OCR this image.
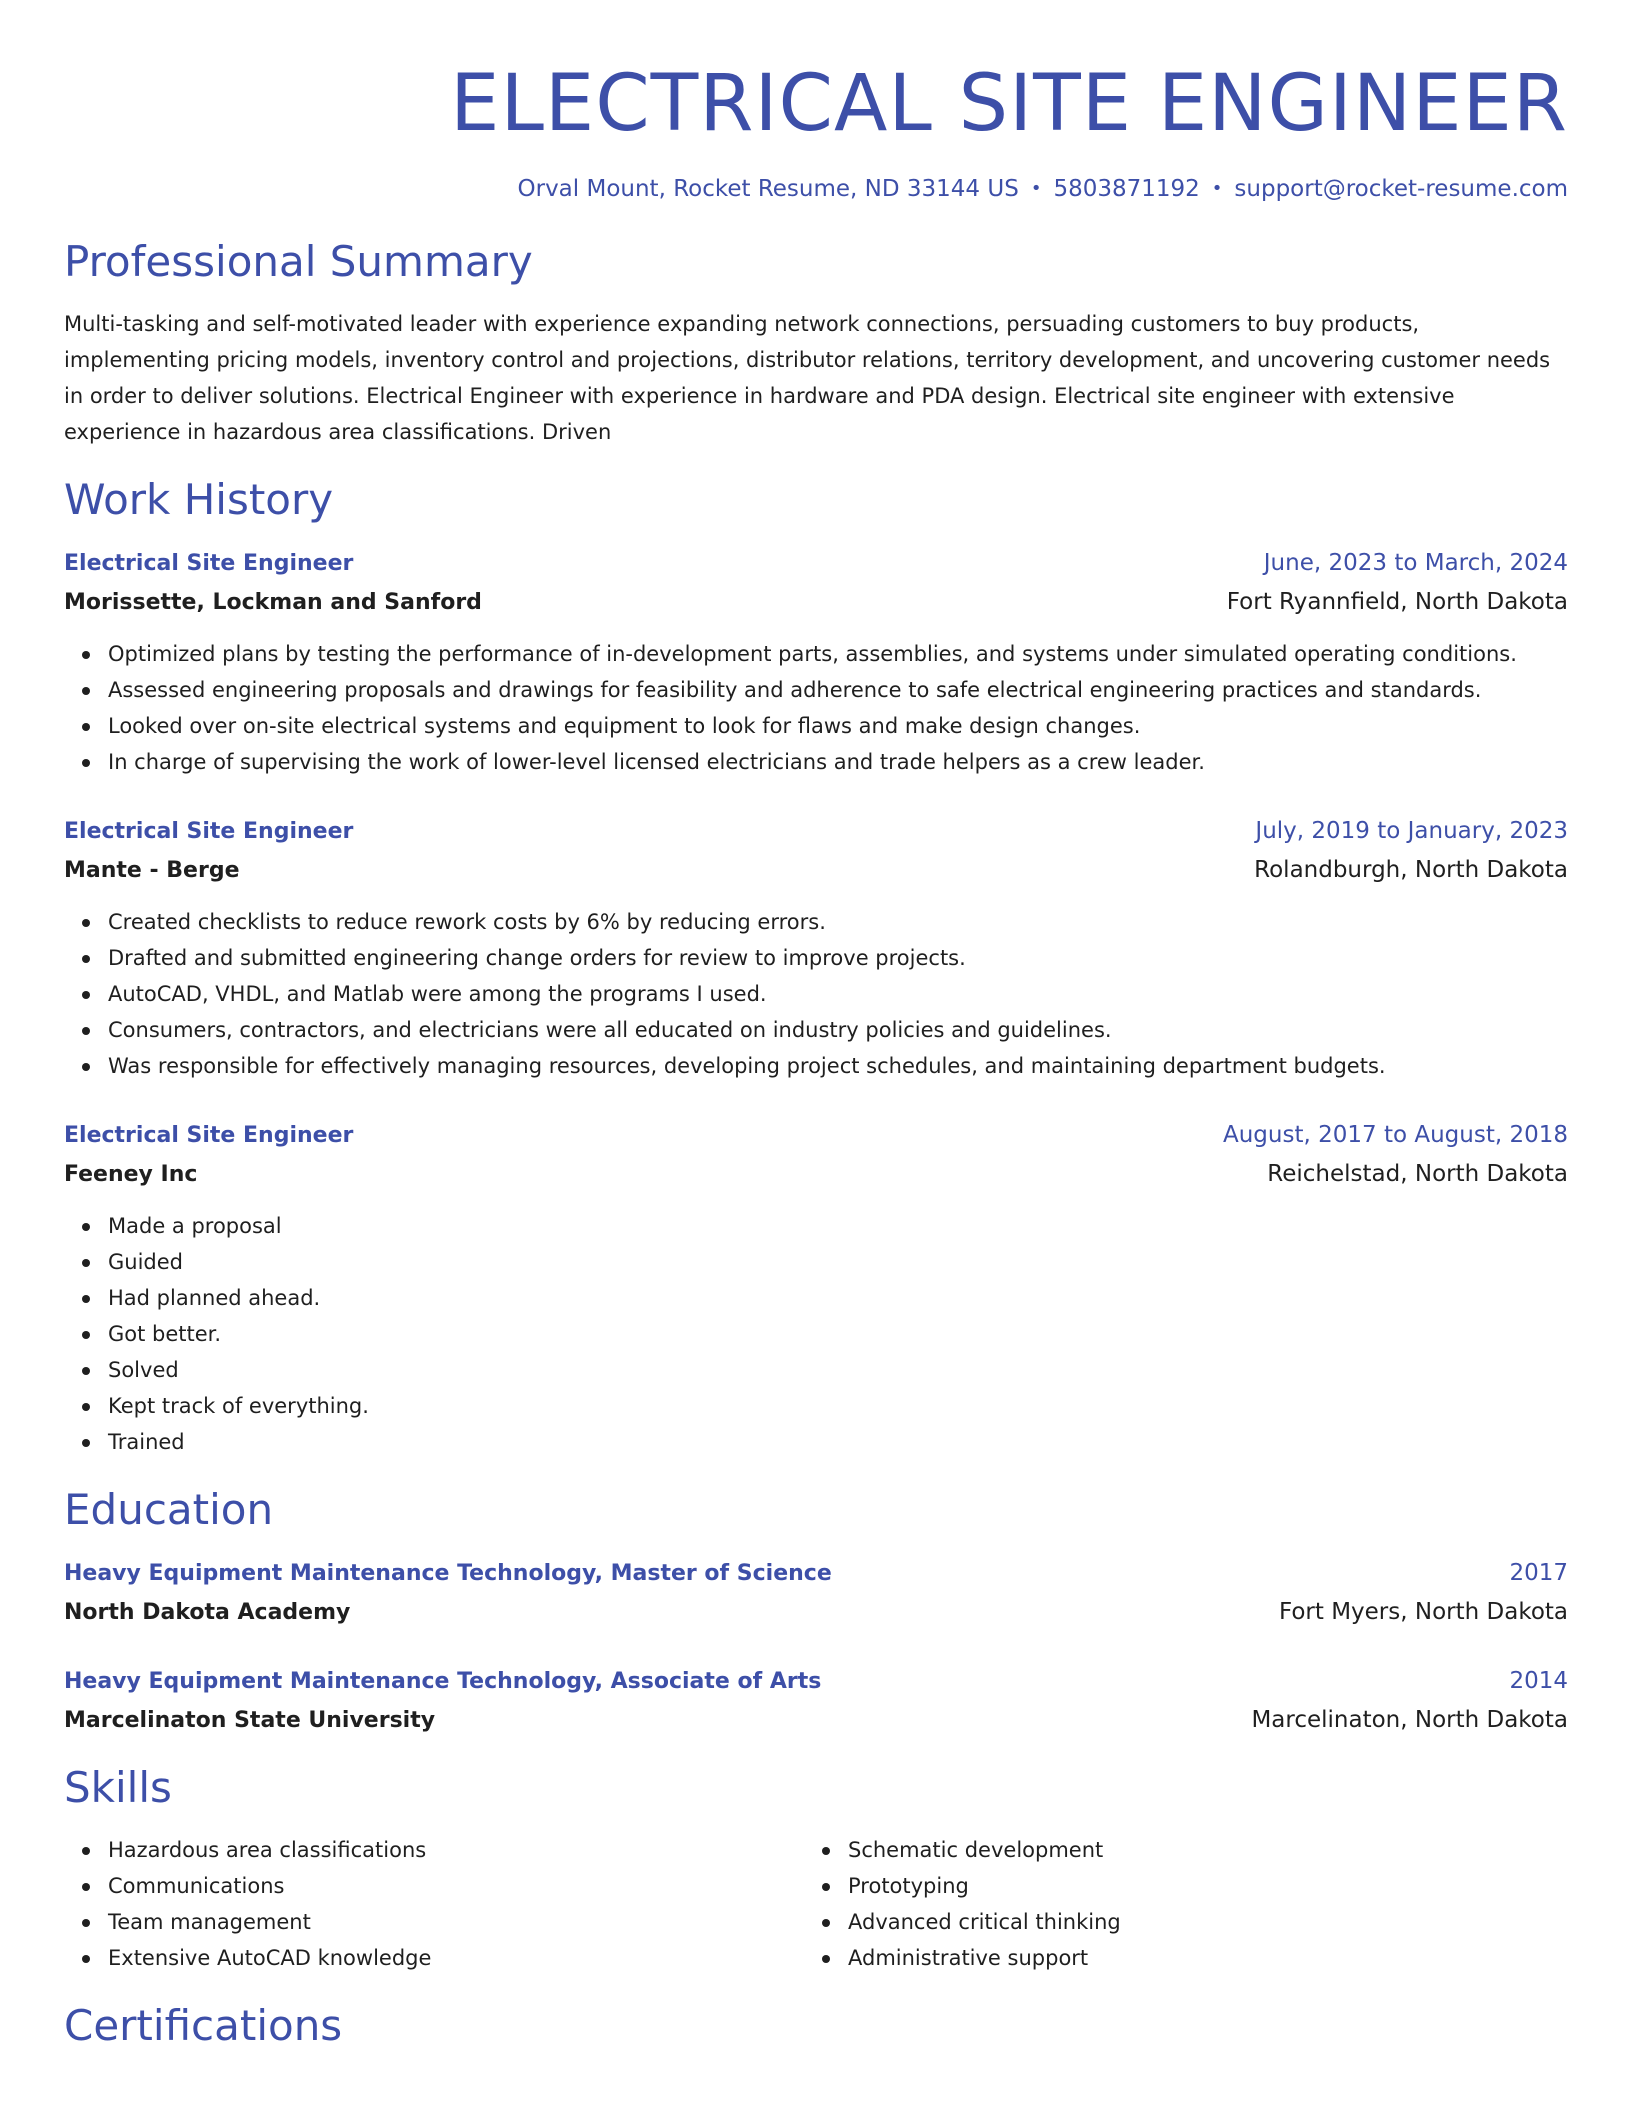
ELECTRICAL SITE ENGINEER
Orval Mount, Rocket Resume, ND 33144 US • 5803871192 • support@rocket-resume.com
Professional Summary
Multi-tasking and self-motivated leader with experience expanding network connections, persuading customers to buy products, implementing pricing models, inventory control and projections, distributor relations, territory development, and uncovering customer needs in order to deliver solutions. Electrical Engineer with experience in hardware and PDA design. Electrical site engineer with extensive experience in hazardous area classifications. Driven
Work History
Electrical Site Engineer	June, 2023 to March, 2024
Morissette, Lockman and Sanford	Fort Ryannfield, North Dakota
Optimized plans by testing the performance of in-development parts, assemblies, and systems under simulated operating conditions.
Assessed engineering proposals and drawings for feasibility and adherence to safe electrical engineering practices and standards.
Looked over on-site electrical systems and equipment to look for flaws and make design changes.
In charge of supervising the work of lower-level licensed electricians and trade helpers as a crew leader.
Electrical Site Engineer	July, 2019 to January, 2023
Mante - Berge	Rolandburgh, North Dakota
Created checklists to reduce rework costs by 6% by reducing errors.
Drafted and submitted engineering change orders for review to improve projects.
AutoCAD, VHDL, and Matlab were among the programs I used.
Consumers, contractors, and electricians were all educated on industry policies and guidelines.
Was responsible for effectively managing resources, developing project schedules, and maintaining department budgets.
Electrical Site Engineer	August, 2017 to August, 2018
Feeney Inc	Reichelstad, North Dakota
Made a proposal
Guided
Had planned ahead.
Got better.
Solved
Kept track of everything.
Trained
Education
Heavy Equipment Maintenance Technology, Master of Science	2017
North Dakota Academy	Fort Myers, North Dakota
Heavy Equipment Maintenance Technology, Associate of Arts	2014
Marcelinaton State University	Marcelinaton, North Dakota
Skills
Hazardous area classifications
Communications
Team management
Extensive AutoCAD knowledge
Schematic development
Prototyping
Advanced critical thinking
Administrative support
Certifications
